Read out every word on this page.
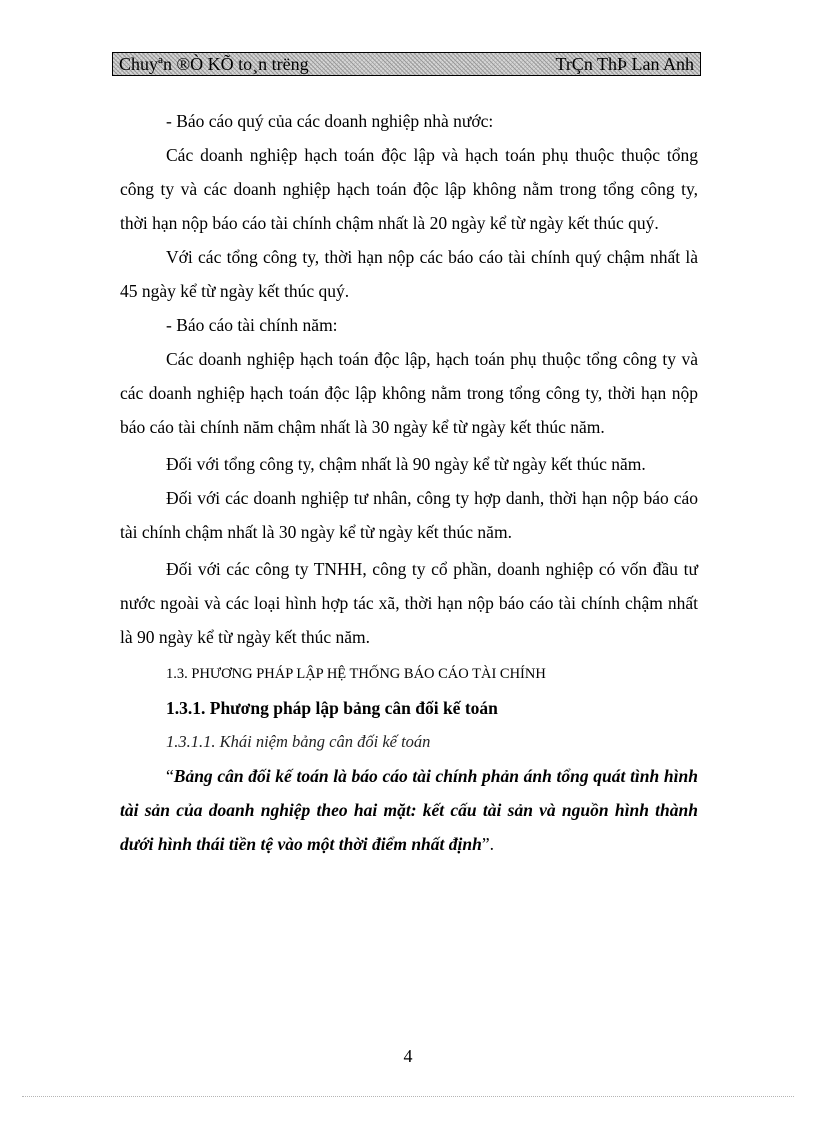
Chuyªn ®Ò KÕ to¸n trëng	TrÇn ThÞ Lan Anh

- Báo cáo quý của các doanh nghiệp nhà nước:

Các doanh nghiệp hạch toán độc lập và hạch toán phụ thuộc thuộc tổng công ty và các doanh nghiệp hạch toán độc lập không nằm trong tổng công ty, thời hạn nộp báo cáo tài chính chậm nhất là 20 ngày kể từ ngày kết thúc quý.

Với các tổng công ty, thời hạn nộp các báo cáo tài chính quý chậm nhất là 45 ngày kể từ ngày kết thúc quý.

- Báo cáo tài chính năm:

Các doanh nghiệp hạch toán độc lập, hạch toán phụ thuộc tổng công ty và các doanh nghiệp hạch toán độc lập không nằm trong tổng công ty, thời hạn nộp báo cáo tài chính năm chậm nhất là 30 ngày kể từ ngày kết thúc năm.

Đối với tổng công ty, chậm nhất là 90 ngày kể từ ngày kết thúc năm.

Đối với các doanh nghiệp tư nhân, công ty hợp danh, thời hạn nộp báo cáo tài chính chậm nhất là 30 ngày kể từ ngày kết thúc năm.

Đối với các công ty TNHH, công ty cổ phần, doanh nghiệp có vốn đầu tư nước ngoài và các loại hình hợp tác xã, thời hạn nộp báo cáo tài chính chậm nhất là 90 ngày kể từ ngày kết thúc năm.

1.3. PHƯƠNG PHÁP LẬP HỆ THỐNG BÁO CÁO TÀI CHÍNH

1.3.1. Phương pháp lập bảng cân đối kế toán

1.3.1.1. Khái niệm bảng cân đối kế toán

“Bảng cân đối kế toán là báo cáo tài chính phản ánh tổng quát tình hình tài sản của doanh nghiệp theo hai mặt: kết cấu tài sản và nguồn hình thành dưới hình thái tiền tệ vào một thời điểm nhất định”.

4
